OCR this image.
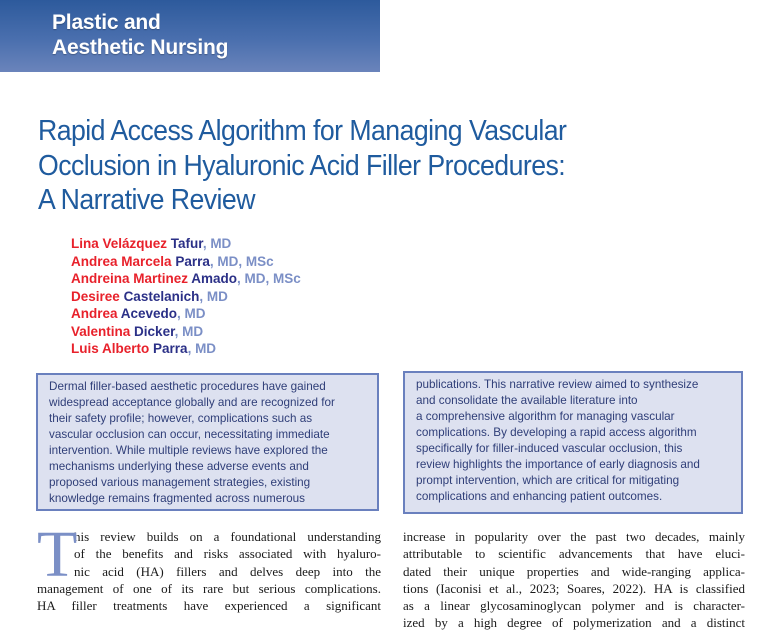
Plastic and
Aesthetic Nursing
Rapid Access Algorithm for Managing Vascular
Occlusion in Hyaluronic Acid Filler Procedures:
A Narrative Review
Lina Velázquez Tafur, MD
Andrea Marcela Parra, MD, MSc
Andreina Martinez Amado, MD, MSc
Desiree Castelanich, MD
Andrea Acevedo, MD
Valentina Dicker, MD
Luis Alberto Parra, MD
Dermal filler-based aesthetic procedures have gained
widespread acceptance globally and are recognized for
their safety profile; however, complications such as
vascular occlusion can occur, necessitating immediate
intervention. While multiple reviews have explored the
mechanisms underlying these adverse events and
proposed various management strategies, existing
knowledge remains fragmented across numerous
publications. This narrative review aimed to synthesize
and consolidate the available literature into
a comprehensive algorithm for managing vascular
complications. By developing a rapid access algorithm
specifically for filler-induced vascular occlusion, this
review highlights the importance of early diagnosis and
prompt intervention, which are critical for mitigating
complications and enhancing patient outcomes.
T
his review builds on a foundational understanding
of the benefits and risks associated with hyaluro-
nic acid (HA) fillers and delves deep into the
management of one of its rare but serious complications.
HA filler treatments have experienced a significant
increase in popularity over the past two decades, mainly
attributable to scientific advancements that have eluci-
dated their unique properties and wide-ranging applica-
tions (Iaconisi et al., 2023; Soares, 2022). HA is classified
as a linear glycosaminoglycan polymer and is character-
ized by a high degree of polymerization and a distinct
